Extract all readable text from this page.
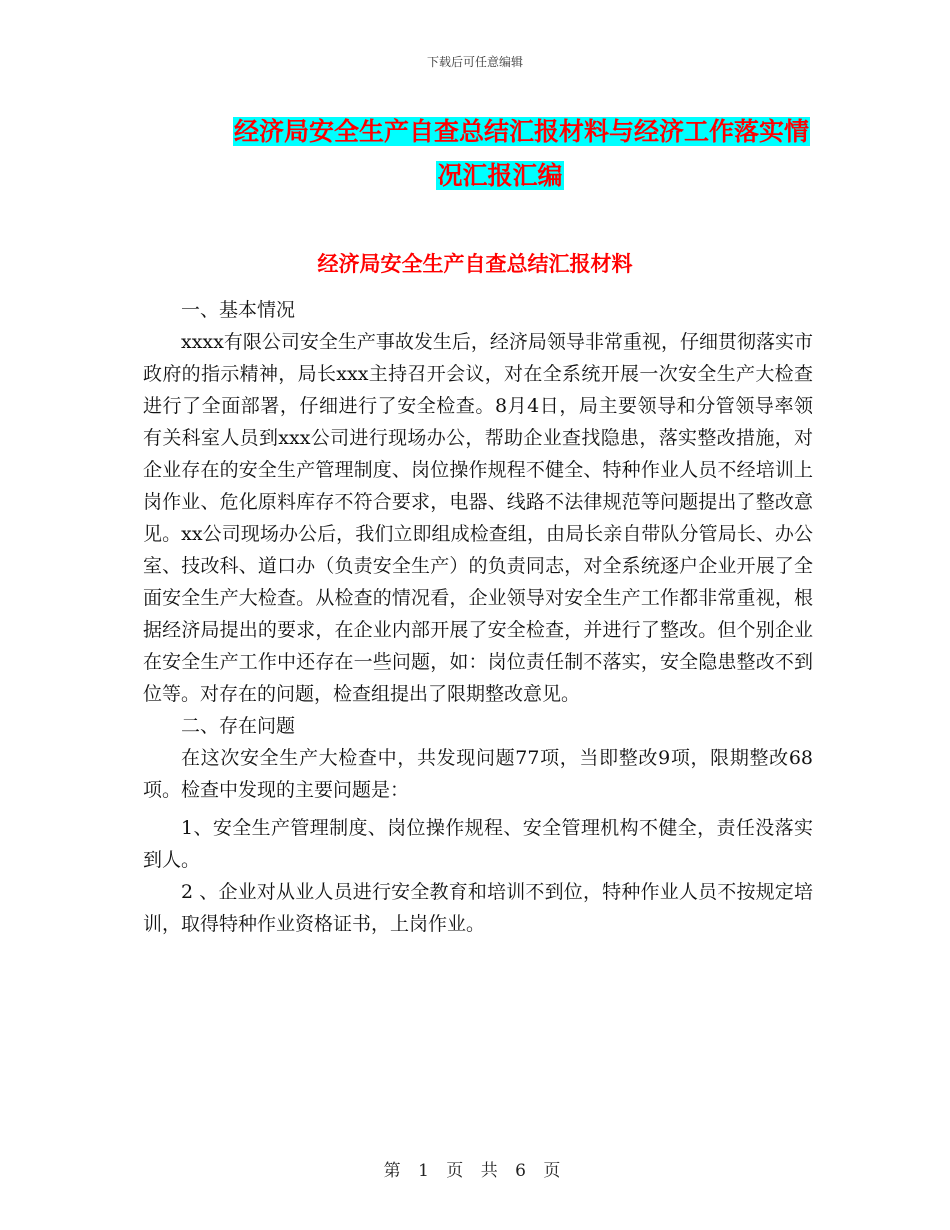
下载后可任意编辑
经济局安全生产自查总结汇报材料与经济工作落实情
况汇报汇编
经济局安全生产自查总结汇报材料

一、基本情况

xxxx有限公司安全生产事故发生后，经济局领导非常重视，仔细贯彻落实市政府的指示精神，局长xxx主持召开会议，对在全系统开展一次安全生产大检查进行了全面部署，仔细进行了安全检查。8月4日，局主要领导和分管领导率领有关科室人员到xxx公司进行现场办公，帮助企业查找隐患，落实整改措施，对企业存在的安全生产管理制度、岗位操作规程不健全、特种作业人员不经培训上岗作业、危化原料库存不符合要求，电器、线路不法律规范等问题提出了整改意见。xx公司现场办公后，我们立即组成检查组，由局长亲自带队分管局长、办公室、技改科、道口办（负责安全生产）的负责同志，对全系统逐户企业开展了全面安全生产大检查。从检查的情况看，企业领导对安全生产工作都非常重视，根据经济局提出的要求，在企业内部开展了安全检查，并进行了整改。但个别企业在安全生产工作中还存在一些问题，如：岗位责任制不落实，安全隐患整改不到位等。对存在的问题，检查组提出了限期整改意见。

二、存在问题

在这次安全生产大检查中，共发现问题77项，当即整改9项，限期整改68项。检查中发现的主要问题是：

1、安全生产管理制度、岗位操作规程、安全管理机构不健全，责任没落实到人。

2 、企业对从业人员进行安全教育和培训不到位，特种作业人员不按规定培训，取得特种作业资格证书，上岗作业。

第 1 页 共 6 页
